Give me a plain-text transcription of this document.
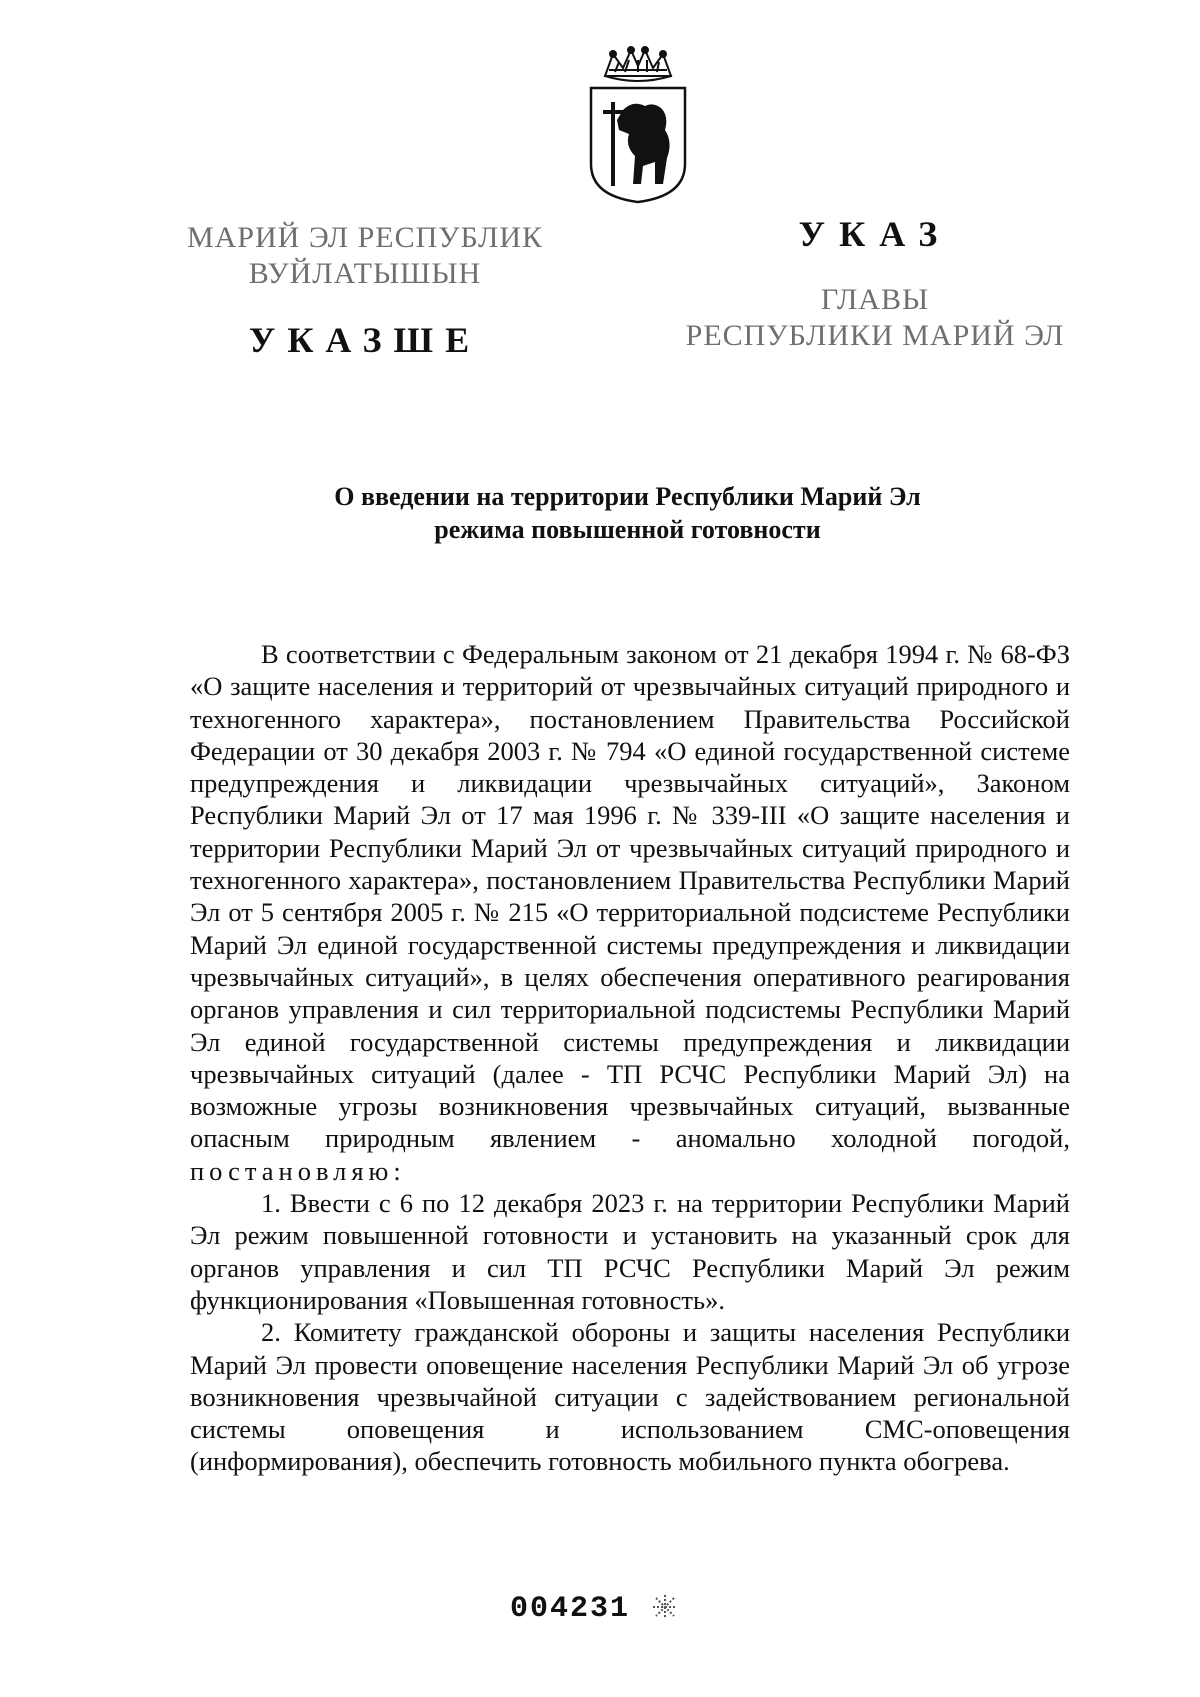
МАРИЙ ЭЛ РЕСПУБЛИК
ВУЙЛАТЫШЫН
УКАЗШЕ
УКАЗ
ГЛАВЫ
РЕСПУБЛИКИ МАРИЙ ЭЛ
О введении на территории Республики Марий Эл
режима повышенной готовности

В соответствии с Федеральным законом от 21 декабря 1994 г. № 68-ФЗ «О защите населения и территорий от чрезвычайных ситуаций природного и техногенного характера», постановлением Правительства Российской Федерации от 30 декабря 2003 г. № 794 «О единой государственной системе предупреждения и ликвидации чрезвычайных ситуаций», Законом Республики Марий Эл от 17 мая 1996 г. № 339-III «О защите населения и территории Республики Марий Эл от чрезвычайных ситуаций природного и техногенного характера», постановлением Правительства Республики Марий Эл от 5 сентября 2005 г. № 215 «О территориальной подсистеме Республики Марий Эл единой государственной системы предупреждения и ликвидации чрезвычайных ситуаций», в целях обеспечения оперативного реагирования органов управления и сил территориальной подсистемы Республики Марий Эл единой государственной системы предупреждения и ликвидации чрезвычайных ситуаций (далее - ТП РСЧС Республики Марий Эл) на возможные угрозы возникновения чрезвычайных ситуаций, вызванные опасным природным явлением - аномально холодной погодой, постановляю:

1. Ввести с 6 по 12 декабря 2023 г. на территории Республики Марий Эл режим повышенной готовности и установить на указанный срок для органов управления и сил ТП РСЧС Республики Марий Эл режим функционирования «Повышенная готовность».

2. Комитету гражданской обороны и защиты населения Республики Марий Эл провести оповещение населения Республики Марий Эл об угрозе возникновения чрезвычайной ситуации с задействованием региональной системы оповещения и использованием СМС-оповещения (информирования), обеспечить готовность мобильного пункта обогрева.

004231
